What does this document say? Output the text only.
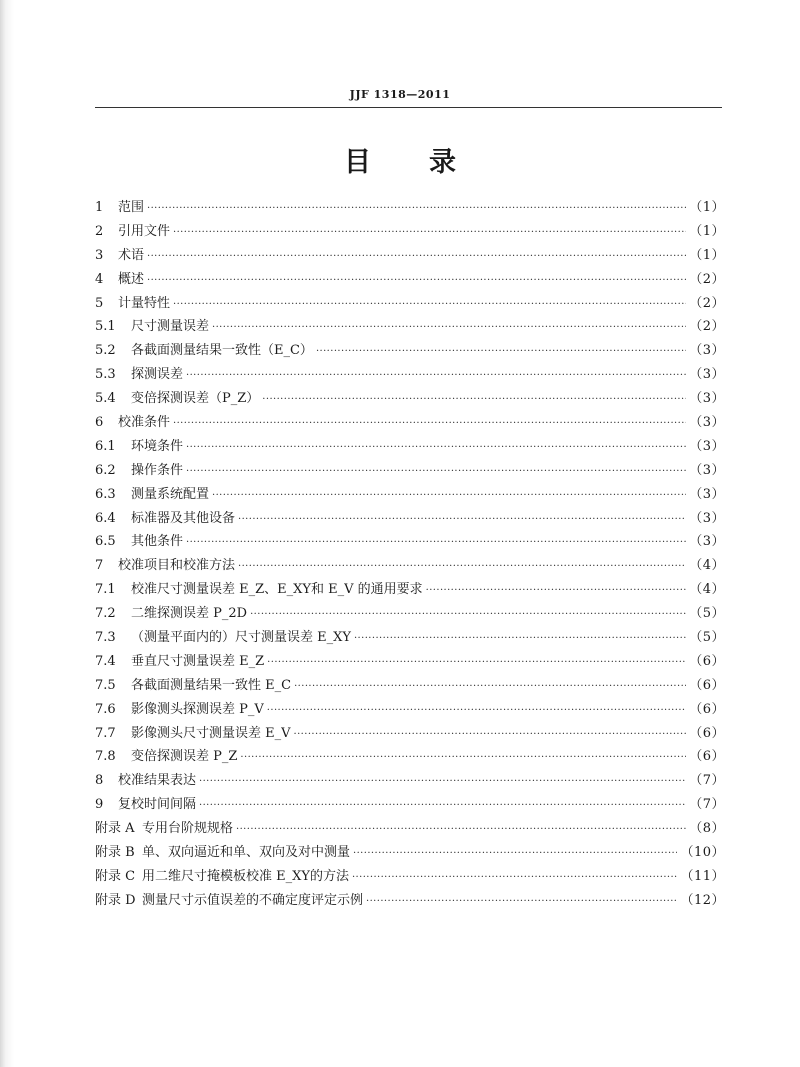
JJF 1318—2011
目录
1	范围 ·····	（1）
2	引用文件 ·····	（1）
3	术语 ·····	（1）
4	概述 ·····	（2）
5	计量特性 ·····	（2）
5.1	尺寸测量误差 ·····	（2）
5.2	各截面测量结果一致性（E_C） ·····	（3）
5.3	探测误差 ·····	（3）
5.4	变倍探测误差（P_Z） ·····	（3）
6	校准条件 ·····	（3）
6.1	环境条件 ·····	（3）
6.2	操作条件 ·····	（3）
6.3	测量系统配置 ·····	（3）
6.4	标准器及其他设备 ·····	（3）
6.5	其他条件 ·····	（3）
7	校准项目和校准方法 ·····	（4）
7.1	校准尺寸测量误差 E_Z、E_XY和 E_V 的通用要求 ·····	（4）
7.2	二维探测误差 P_2D ·····	（5）
7.3	（测量平面内的）尺寸测量误差 E_XY ·····	（5）
7.4	垂直尺寸测量误差 E_Z ·····	（6）
7.5	各截面测量结果一致性 E_C ·····	（6）
7.6	影像测头探测误差 P_V ·····	（6）
7.7	影像测头尺寸测量误差 E_V ·····	（6）
7.8	变倍探测误差 P_Z ·····	（6）
8	校准结果表达 ·····	（7）
9	复校时间间隔 ·····	（7）
附录 A 专用台阶规规格 ·····	（8）
附录 B 单、双向逼近和单、双向及对中测量 ·····	（10）
附录 C 用二维尺寸掩模板校准 E_XY的方法 ·····	（11）
附录 D 测量尺寸示值误差的不确定度评定示例 ·····	（12）
